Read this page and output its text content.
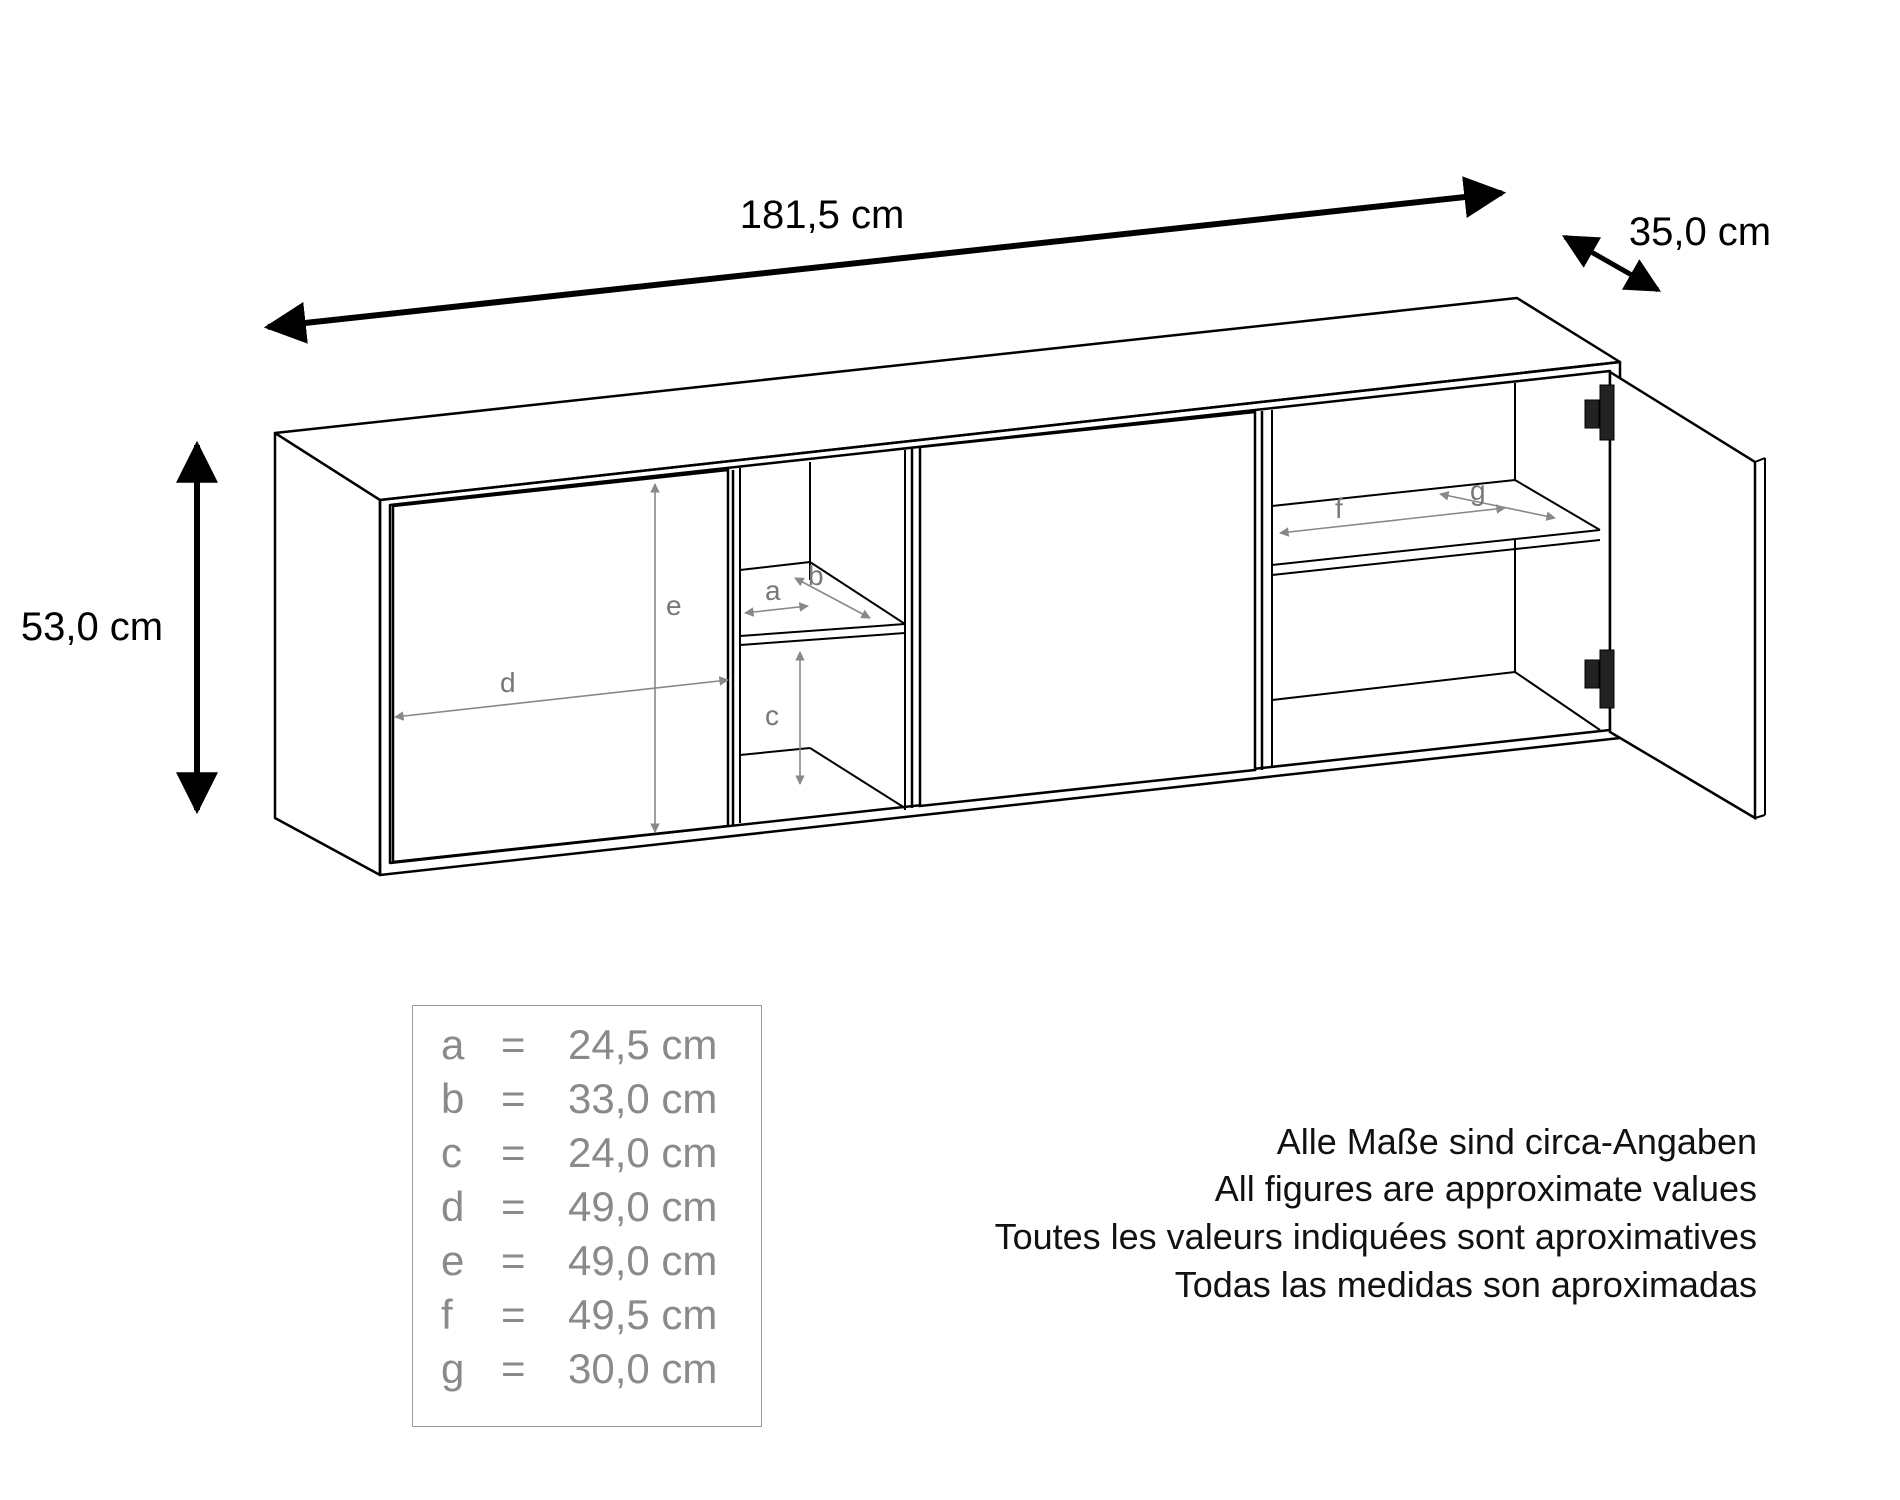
181,5 cm	35,0 cm
53,0 cm
a b
c
d
e
f
g
a = 24,5 cm
b = 33,0 cm
c = 24,0 cm
d = 49,0 cm
e = 49,0 cm
f = 49,5 cm
g = 30,0 cm
Alle Maße sind circa-Angaben
All figures are approximate values
Toutes les valeurs indiquées sont aproximatives
Todas las medidas son aproximadas
